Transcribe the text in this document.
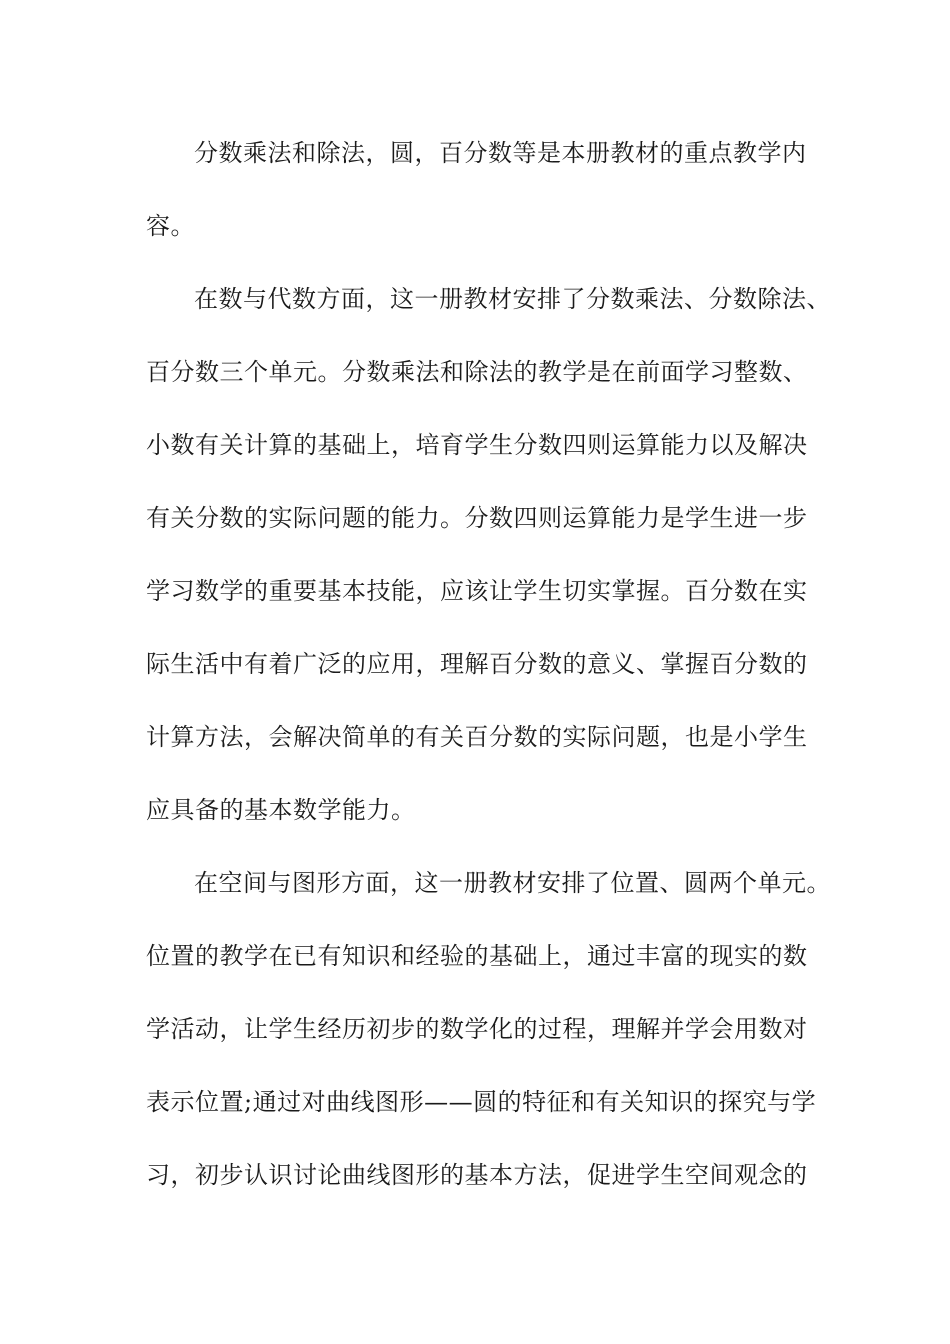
分数乘法和除法，圆，百分数等是本册教材的重点教学内
容。
在数与代数方面，这一册教材安排了分数乘法、分数除法、
百分数三个单元。分数乘法和除法的教学是在前面学习整数、
小数有关计算的基础上，培育学生分数四则运算能力以及解决
有关分数的实际问题的能力。分数四则运算能力是学生进一步
学习数学的重要基本技能，应该让学生切实掌握。百分数在实
际生活中有着广泛的应用，理解百分数的意义、掌握百分数的
计算方法，会解决简单的有关百分数的实际问题，也是小学生
应具备的基本数学能力。
在空间与图形方面，这一册教材安排了位置、圆两个单元。
位置的教学在已有知识和经验的基础上，通过丰富的现实的数
学活动，让学生经历初步的数学化的过程，理解并学会用数对
表示位置;通过对曲线图形——圆的特征和有关知识的探究与学
习，初步认识讨论曲线图形的基本方法，促进学生空间观念的
